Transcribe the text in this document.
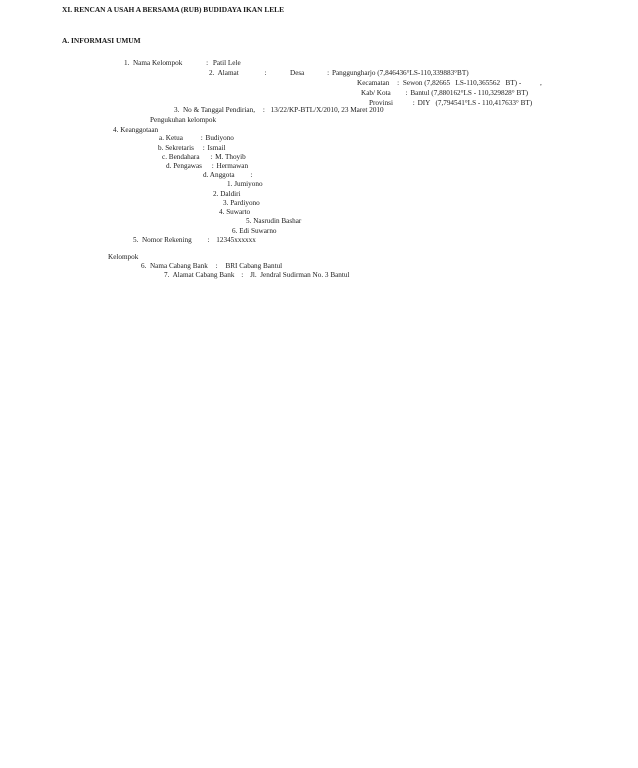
XI. RENCAN A USAH A BERSAMA (RUB) BUDIDAYA IKAN LELE
A. INFORMASI UMUM
1.  Nama Kelompok	: Patil Lele
2.  Alamat	:	Desa	: Panggungharjo (7,846436°LS-110,339883°BT)
Kecamatan : Sewon (7,82665   LS-110,365562   BT) -	,
Kab/ Kota : Bantul (7,880162°LS - 110,329828° BT)
Provinsi	: DIY   (7,794541°LS - 110,417633° BT)
3.  No & Tanggal Pendirian, : 13/22/KP-BTL/X/2010, 23 Maret 2010
Pengukuhan kelompok
4. Keanggotaan
a. Ketua : Budiyono
b. Sekretaris : Ismail
c. Bendahara : M. Thoyib
d. Pengawas : Hermawan
d. Anggota :
1. Jumiyono
2. Daldiri
3. Pardiyono
4. Suwarto
5. Nasrudin Bashar
6. Edi Suwarno
5.  Nomor Rekening : 12345xxxxxx
Kelompok
6.  Nama Cabang Bank : BRI Cabang Bantul
7.  Alamat Cabang Bank : Jl.  Jendral Sudirman No. 3 Bantul
